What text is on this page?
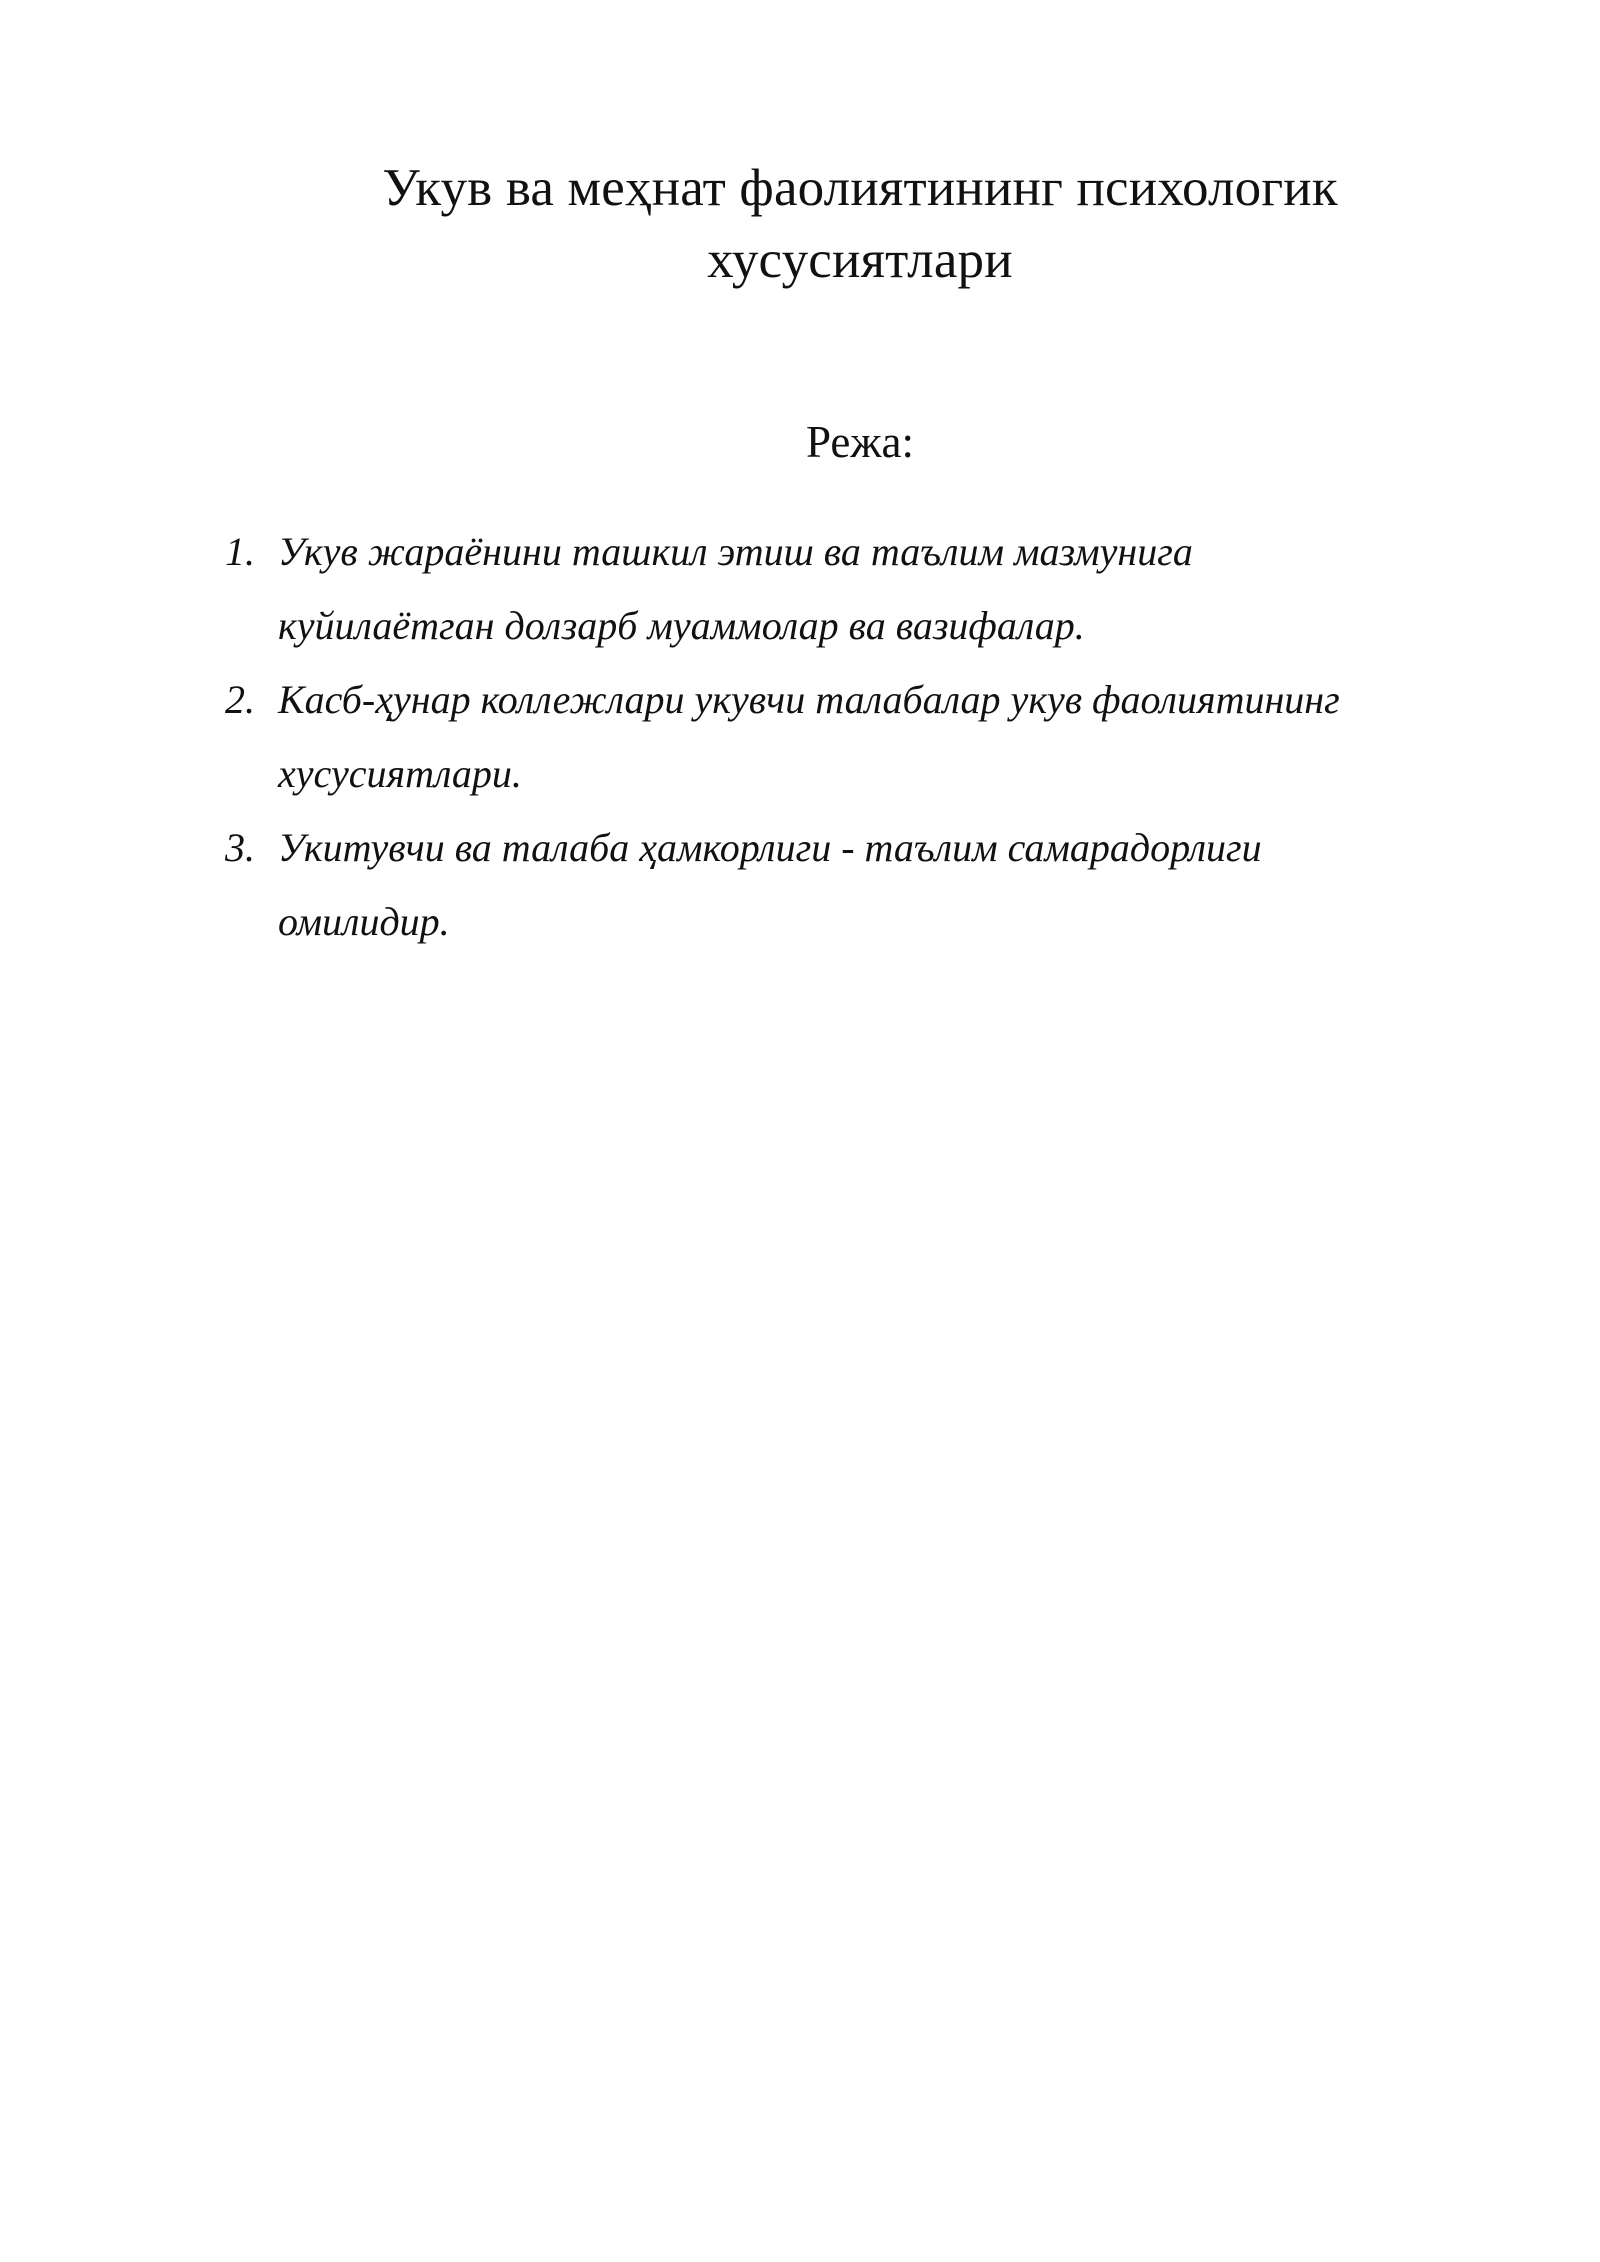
Укув ва меҳнат фаолиятининг психологик
хусусиятлари
Режа:
1. Укув жараёнини ташкил этиш ва таълим мазмунига
куйилаётган долзарб муаммолар ва вазифалар.
2. Касб-ҳунар коллежлари укувчи талабалар укув фаолиятининг
хусусиятлари.
3. Укитувчи ва талаба ҳамкорлиги - таълим самарадорлиги
омилидир.
